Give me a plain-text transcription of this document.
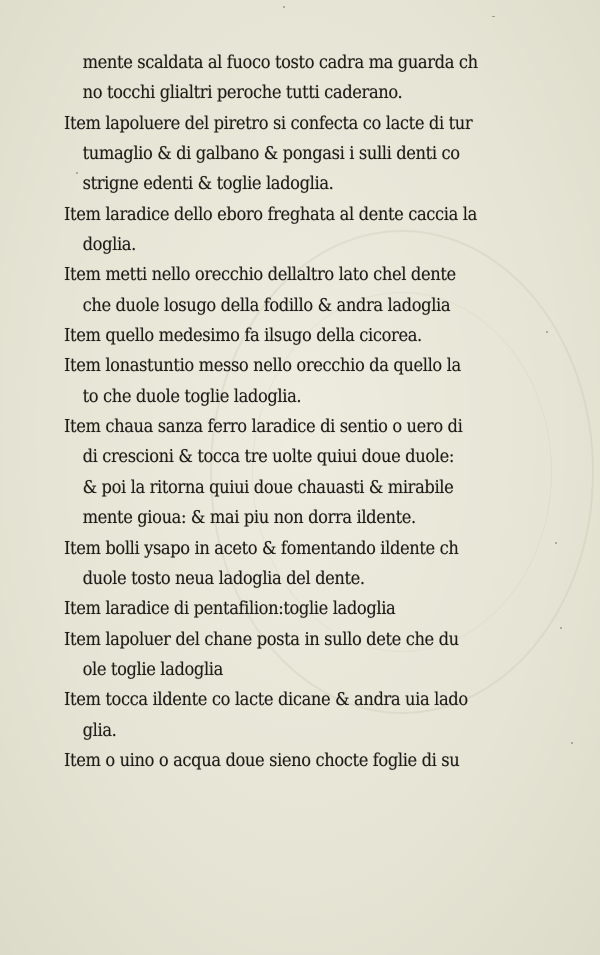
mente scaldata al fuoco tosto cadra ma guarda ch
no tocchi glialtri peroche tutti caderano.
Item lapoluere del piretro si confecta co lacte di tur
tumaglio & di galbano & pongasi i sulli denti co
strigne edenti & toglie ladoglia.
Item laradice dello eboro freghata al dente caccia la
doglia.
Item metti nello orecchio dellaltro lato chel dente
che duole losugo della fodillo & andra ladoglia
Item quello medesimo fa ilsugo della cicorea.
Item lonastuntio messo nello orecchio da quello la
to che duole toglie ladoglia.
Item chaua sanza ferro laradice di sentio o uero di
di crescioni & tocca tre uolte quiui doue duole:
& poi la ritorna quiui doue chauasti & mirabile
mente giouа: & mai piu non dorra ildente.
Item bolli ysapo in aceto & fomentando ildente ch
duole tosto neua ladoglia del dente.
Item laradice di pentafilion:toglie ladoglia
Item lapoluer del chane posta in sullo dete che du
ole toglie ladoglia
Item tocca ildente co lacte dicane & andra uia lado
glia.
Item o uino o acqua doue sieno chocte foglie di su
